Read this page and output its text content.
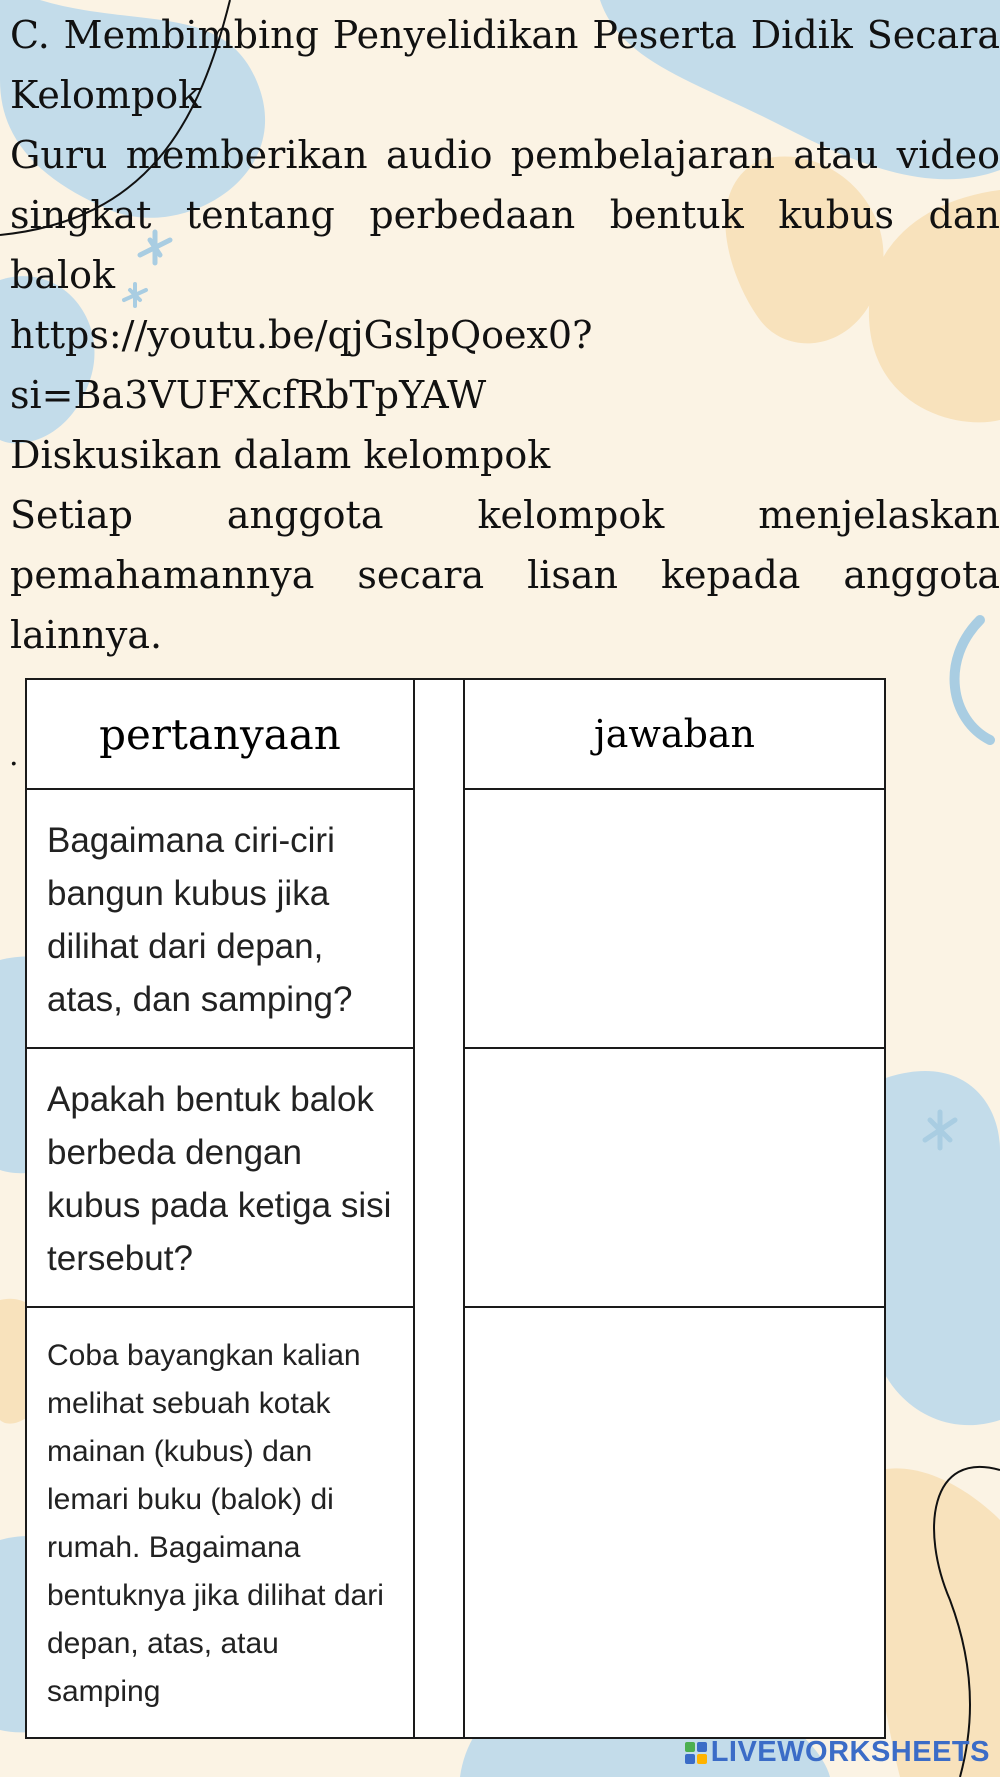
C. Membimbing Penyelidikan Peserta Didik Secara

Kelompok

Guru memberikan audio pembelajaran atau video

singkat tentang perbedaan bentuk kubus dan

balok

https://youtu.be/qjGslpQoex0?

si=Ba3VUFXcfRbTpYAW

Diskusikan dalam kelompok

Setiap anggota kelompok menjelaskan

pemahamannya secara lisan kepada anggota

lainnya.

. pertanyaan		jawaban
Bagaimana ciri-ciri bangun kubus jika dilihat dari depan, atas, dan samping?		
Apakah bentuk balok berbeda dengan kubus pada ketiga sisi tersebut?		
Coba bayangkan kalian melihat sebuah kotak mainan (kubus) dan lemari buku (balok) di rumah. Bagaimana bentuknya jika dilihat dari depan, atas, atau samping		
LIVEWORKSHEETS
